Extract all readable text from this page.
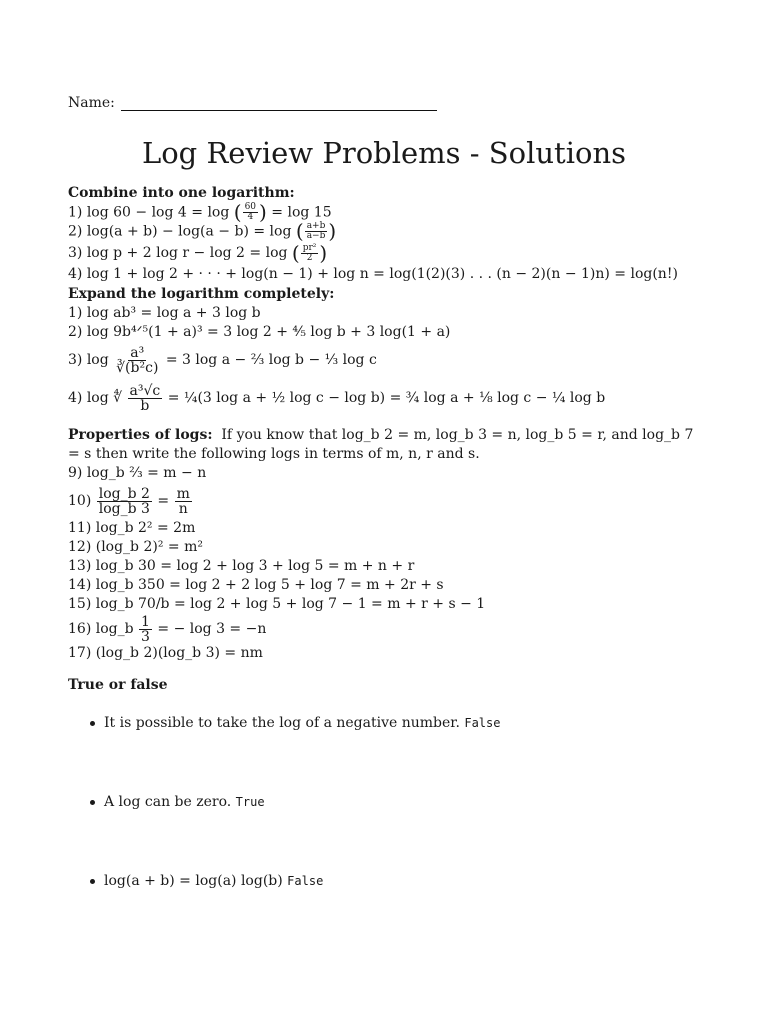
Name:
Log Review Problems - Solutions
Combine into one logarithm:
1) log 60 − log 4 = log ( $\frac{60}{4}$ ) = log 15
2) log(a + b) − log(a − b) = log ( $\frac{a+b}{a-b}$ )
3) log p + 2 log r − log 2 = log ( $\frac{\text{pr²}}{2}$ )
4) log 1 + log 2 + · · · + log(n − 1) + log n = log(1(2)(3) . . . (n − 2)(n − 1)n) = log(n!)
Expand the logarithm completely:
1) log ab³ = log a + 3 log b
2) log 9b⁴ᐟ⁵(1 + a)³ = 3 log 2 + ⁴⁄₅ log b + 3 log(1 + a)
3) $\log \frac{\text{a³}}{\text{∛(b²c)}} = 3$ log a − ⅔ log b − ⅓ log c
4) log ∜ $\frac{\text{a³√c}}{b}$ = ¼(3 log a + ½ log c − log b) = ¾ log a + ⅛ log c − ¼ log b
Properties of logs: If you know that log_b 2 = m, log_b 3 = n, log_b 5 = r, and log_b 7 = s then write the following logs in terms of m, n, r and s.
9) log_b ⅔ = m − n
$10) \frac{\log\_b 2}{\log\_b 3} = \frac{m}{n}$
11) log_b 2² = 2m
12) (log_b 2)² = m²
13) log_b 30 = log 2 + log 3 + log 5 = m + n + r
14) log_b 350 = log 2 + 2 log 5 + log 7 = m + 2r + s
15) log_b 70/b = log 2 + log 5 + log 7 − 1 = m + r + s − 1
16) log_b $\frac{1}{3}$ = − log 3 = −n
17) (log_b 2)(log_b 3) = nm
True or false
It is possible to take the log of a negative number.
False
A log can be zero.
True
log(a + b) = log(a) log(b)
False
